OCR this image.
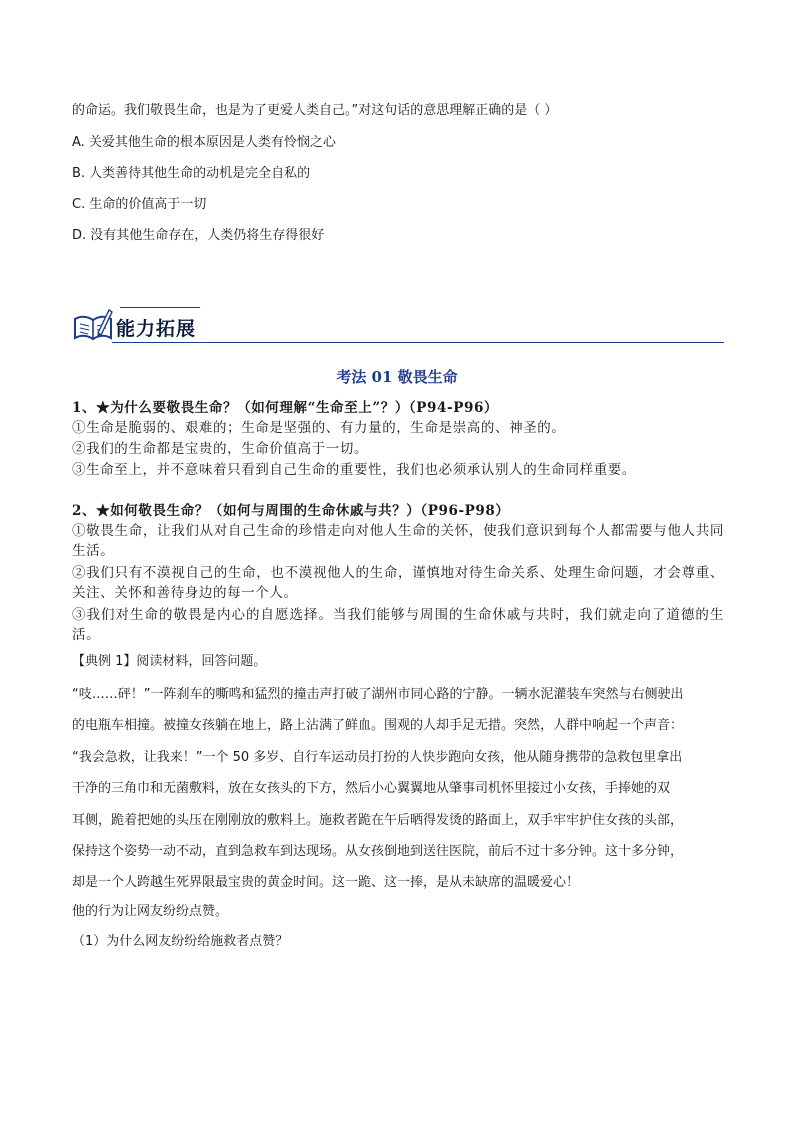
的命运。我们敬畏生命，也是为了更爱人类自己。”对这句话的意思理解正确的是（ ）
A. 关爱其他生命的根本原因是人类有怜悯之心
B. 人类善待其他生命的动机是完全自私的
C. 生命的价值高于一切
D. 没有其他生命存在，人类仍将生存得很好
能力拓展
考法 01 敬畏生命
1、★为什么要敬畏生命？（如何理解“生命至上”？）（P94-P96）
①生命是脆弱的、艰难的；生命是坚强的、有力量的，生命是崇高的、神圣的。
②我们的生命都是宝贵的，生命价值高于一切。
③生命至上，并不意味着只看到自己生命的重要性，我们也必须承认别人的生命同样重要。
2、★如何敬畏生命？（如何与周围的生命休戚与共？）（P96-P98）
①敬畏生命，让我们从对自己生命的珍惜走向对他人生命的关怀，使我们意识到每个人都需要与他人共同生活。
②我们只有不漠视自己的生命，也不漠视他人的生命，谨慎地对待生命关系、处理生命问题，才会尊重、关注、关怀和善待身边的每一个人。
③我们对生命的敬畏是内心的自愿选择。当我们能够与周围的生命休戚与共时，我们就走向了道德的生活。
【典例 1】阅读材料，回答问题。
“吱……砰！”一阵刹车的嘶鸣和猛烈的撞击声打破了湖州市同心路的宁静。一辆水泥灌装车突然与右侧驶出
的电瓶车相撞。被撞女孩躺在地上，路上沾满了鲜血。围观的人却手足无措。突然，人群中响起一个声音：
“我会急救，让我来！”一个 50 多岁、自行车运动员打扮的人快步跑向女孩，他从随身携带的急救包里拿出
干净的三角巾和无菌敷料，放在女孩头的下方，然后小心翼翼地从肇事司机怀里接过小女孩，手捧她的双
耳侧，跪着把她的头压在刚刚放的敷料上。施救者跪在午后晒得发烫的路面上，双手牢牢护住女孩的头部，
保持这个姿势一动不动，直到急救车到达现场。从女孩倒地到送往医院，前后不过十多分钟。这十多分钟，
却是一个人跨越生死界限最宝贵的黄金时间。这一跪、这一捧，是从未缺席的温暖爱心！
他的行为让网友纷纷点赞。
（1）为什么网友纷纷给施救者点赞？
